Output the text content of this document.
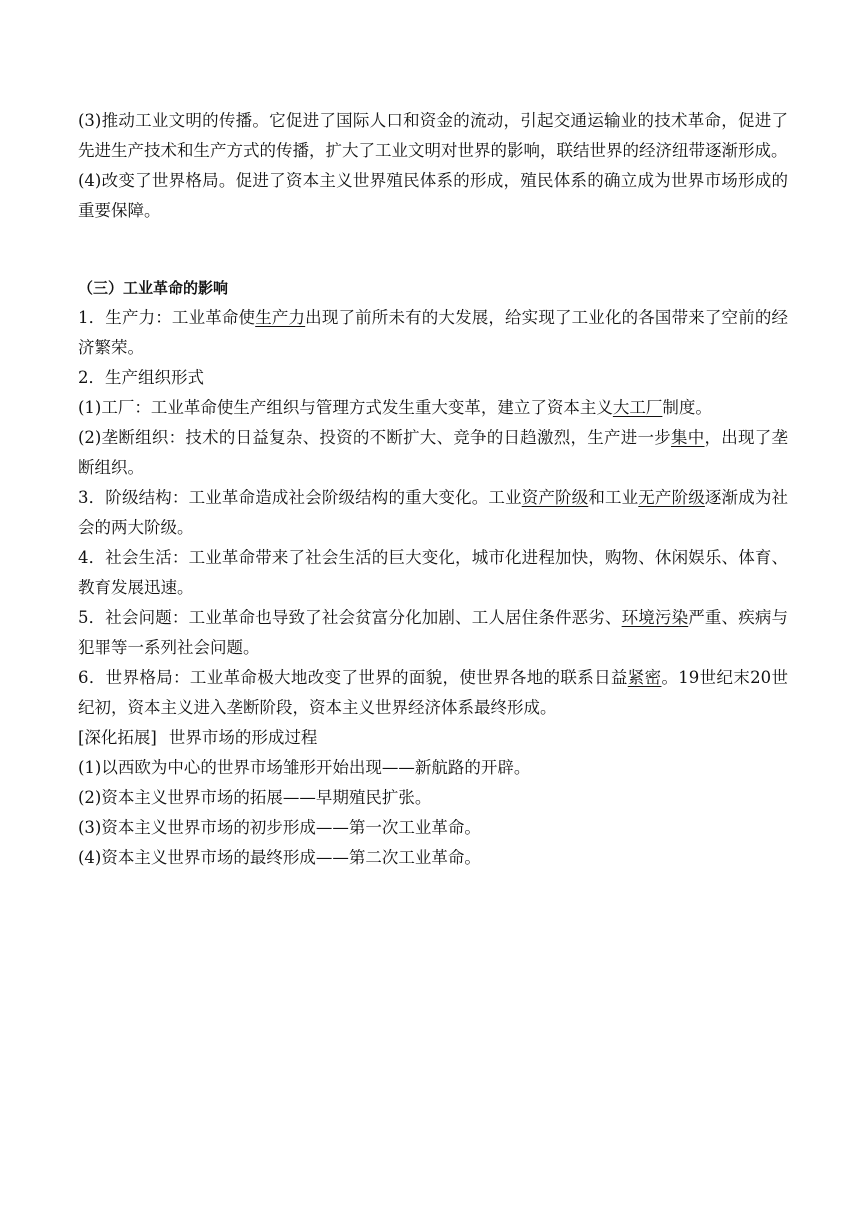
(3)推动工业文明的传播。它促进了国际人口和资金的流动，引起交通运输业的技术革命，促进了先进生产技术和生产方式的传播，扩大了工业文明对世界的影响，联结世界的经济纽带逐渐形成。

(4)改变了世界格局。促进了资本主义世界殖民体系的形成，殖民体系的确立成为世界市场形成的重要保障。

（三）工业革命的影响

1．生产力：工业革命使生产力出现了前所未有的大发展，给实现了工业化的各国带来了空前的经济繁荣。

2．生产组织形式

(1)工厂：工业革命使生产组织与管理方式发生重大变革，建立了资本主义大工厂制度。

(2)垄断组织：技术的日益复杂、投资的不断扩大、竞争的日趋激烈，生产进一步集中，出现了垄断组织。

3．阶级结构：工业革命造成社会阶级结构的重大变化。工业资产阶级和工业无产阶级逐渐成为社会的两大阶级。

4．社会生活：工业革命带来了社会生活的巨大变化，城市化进程加快，购物、休闲娱乐、体育、教育发展迅速。

5．社会问题：工业革命也导致了社会贫富分化加剧、工人居住条件恶劣、环境污染严重、疾病与犯罪等一系列社会问题。

6．世界格局：工业革命极大地改变了世界的面貌，使世界各地的联系日益紧密。19世纪末20世纪初，资本主义进入垄断阶段，资本主义世界经济体系最终形成。

[深化拓展] 世界市场的形成过程

(1)以西欧为中心的世界市场雏形开始出现——新航路的开辟。

(2)资本主义世界市场的拓展——早期殖民扩张。

(3)资本主义世界市场的初步形成——第一次工业革命。

(4)资本主义世界市场的最终形成——第二次工业革命。
